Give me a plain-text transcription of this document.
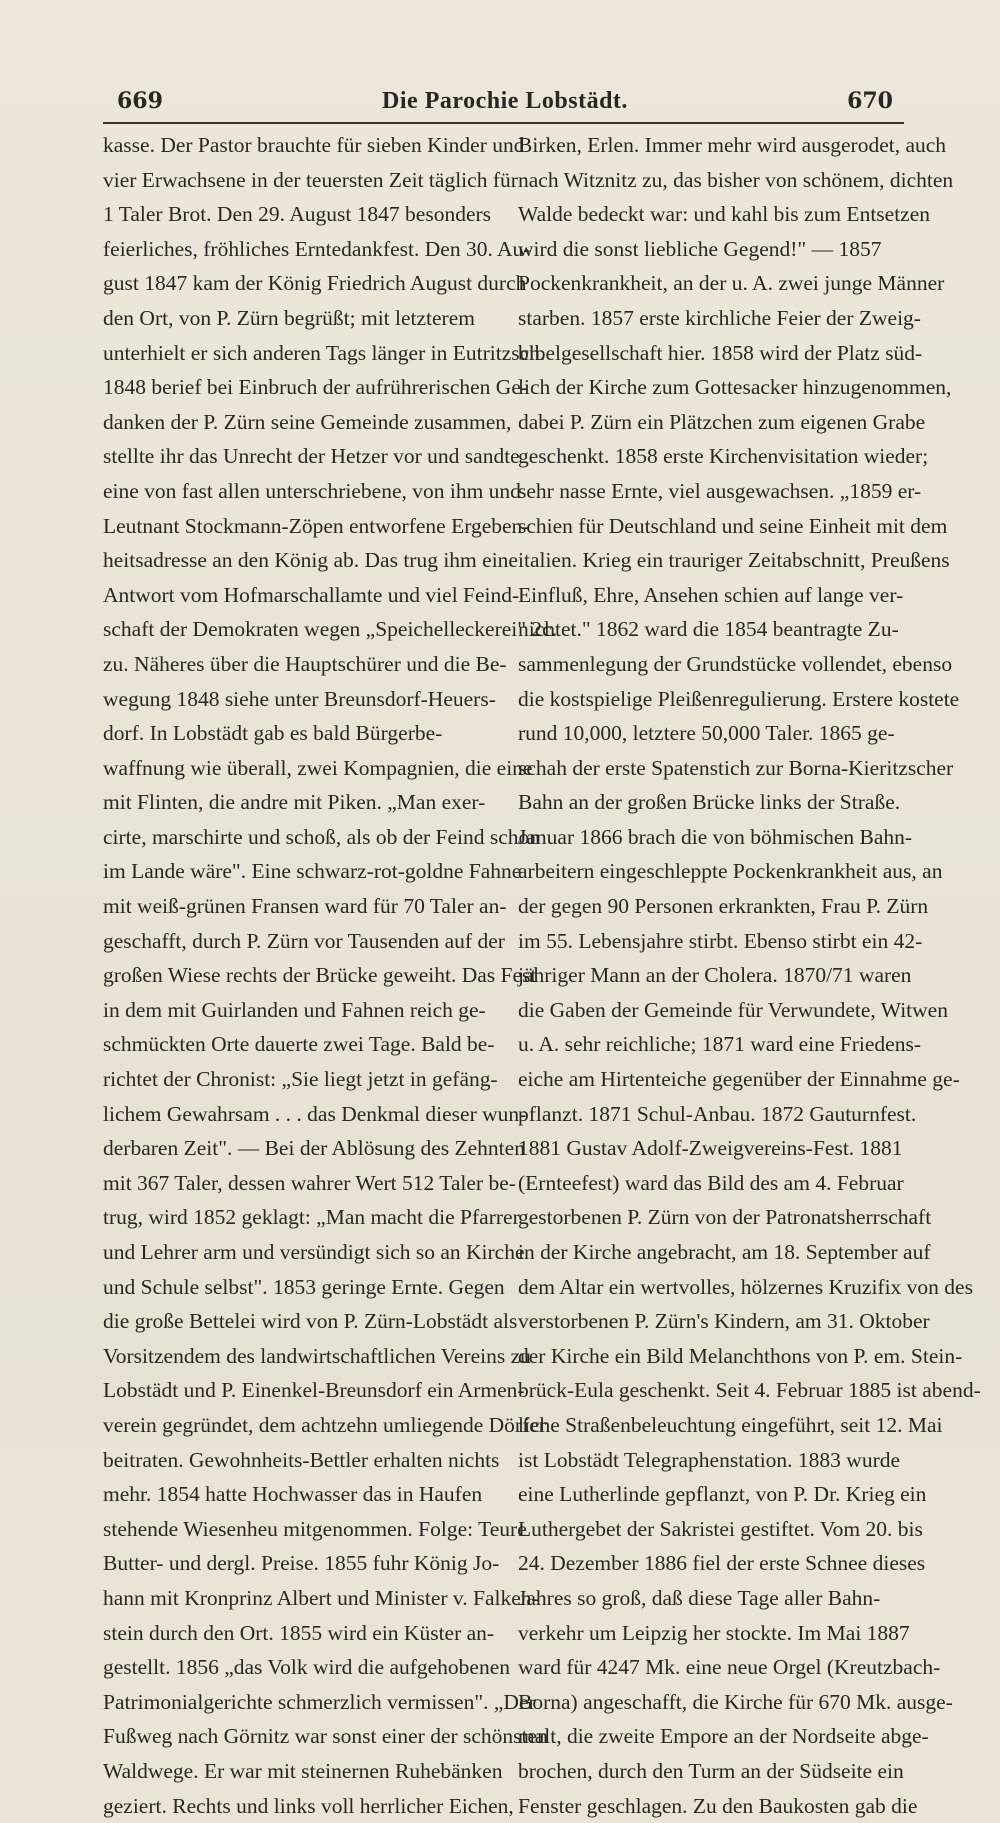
669	Die Parochie Lobstädt.	670
kasse. Der Pastor brauchte für sieben Kinder und
vier Erwachsene in der teuersten Zeit täglich für
1 Taler Brot. Den 29. August 1847 besonders
feierliches, fröhliches Erntedankfest. Den 30. Au-
gust 1847 kam der König Friedrich August durch
den Ort, von P. Zürn begrüßt; mit letzterem
unterhielt er sich anderen Tags länger in Eutritzsch.
1848 berief bei Einbruch der aufrührerischen Ge-
danken der P. Zürn seine Gemeinde zusammen,
stellte ihr das Unrecht der Hetzer vor und sandte
eine von fast allen unterschriebene, von ihm und
Leutnant Stockmann-Zöpen entworfene Ergeben-
heitsadresse an den König ab. Das trug ihm eine
Antwort vom Hofmarschallamte und viel Feind-
schaft der Demokraten wegen „Speichelleckerei" 2c.
zu. Näheres über die Hauptschürer und die Be-
wegung 1848 siehe unter Breunsdorf-Heuers-
dorf. In Lobstädt gab es bald Bürgerbe-
waffnung wie überall, zwei Kompagnien, die eine
mit Flinten, die andre mit Piken. „Man exer-
cirte, marschirte und schoß, als ob der Feind schon
im Lande wäre". Eine schwarz-rot-goldne Fahne
mit weiß-grünen Fransen ward für 70 Taler an-
geschafft, durch P. Zürn vor Tausenden auf der
großen Wiese rechts der Brücke geweiht. Das Fest
in dem mit Guirlanden und Fahnen reich ge-
schmückten Orte dauerte zwei Tage. Bald be-
richtet der Chronist: „Sie liegt jetzt in gefäng-
lichem Gewahrsam . . . das Denkmal dieser wun-
derbaren Zeit". — Bei der Ablösung des Zehnten
mit 367 Taler, dessen wahrer Wert 512 Taler be-
trug, wird 1852 geklagt: „Man macht die Pfarrer
und Lehrer arm und versündigt sich so an Kirche
und Schule selbst". 1853 geringe Ernte. Gegen
die große Bettelei wird von P. Zürn-Lobstädt als
Vorsitzendem des landwirtschaftlichen Vereins zu
Lobstädt und P. Einenkel-Breunsdorf ein Armen-
verein gegründet, dem achtzehn umliegende Dörfer
beitraten. Gewohnheits-Bettler erhalten nichts
mehr. 1854 hatte Hochwasser das in Haufen
stehende Wiesenheu mitgenommen. Folge: Teure
Butter- und dergl. Preise. 1855 fuhr König Jo-
hann mit Kronprinz Albert und Minister v. Falken-
stein durch den Ort. 1855 wird ein Küster an-
gestellt. 1856 „das Volk wird die aufgehobenen
Patrimonialgerichte schmerzlich vermissen". „Der
Fußweg nach Görnitz war sonst einer der schönsten
Waldwege. Er war mit steinernen Ruhebänken
geziert. Rechts und links voll herrlicher Eichen,
Birken, Erlen. Immer mehr wird ausgerodet, auch
nach Witznitz zu, das bisher von schönem, dichten
Walde bedeckt war: und kahl bis zum Entsetzen
wird die sonst liebliche Gegend!" — 1857
Pockenkrankheit, an der u. A. zwei junge Männer
starben. 1857 erste kirchliche Feier der Zweig-
bibelgesellschaft hier. 1858 wird der Platz süd-
lich der Kirche zum Gottesacker hinzugenommen,
dabei P. Zürn ein Plätzchen zum eigenen Grabe
geschenkt. 1858 erste Kirchenvisitation wieder;
sehr nasse Ernte, viel ausgewachsen. „1859 er-
schien für Deutschland und seine Einheit mit dem
italien. Krieg ein trauriger Zeitabschnitt, Preußens
Einfluß, Ehre, Ansehen schien auf lange ver-
nichtet." 1862 ward die 1854 beantragte Zu-
sammenlegung der Grundstücke vollendet, ebenso
die kostspielige Pleißenregulierung. Erstere kostete
rund 10,000, letztere 50,000 Taler. 1865 ge-
schah der erste Spatenstich zur Borna-Kieritzscher
Bahn an der großen Brücke links der Straße.
Januar 1866 brach die von böhmischen Bahn-
arbeitern eingeschleppte Pockenkrankheit aus, an
der gegen 90 Personen erkrankten, Frau P. Zürn
im 55. Lebensjahre stirbt. Ebenso stirbt ein 42-
jähriger Mann an der Cholera. 1870/71 waren
die Gaben der Gemeinde für Verwundete, Witwen
u. A. sehr reichliche; 1871 ward eine Friedens-
eiche am Hirtenteiche gegenüber der Einnahme ge-
pflanzt. 1871 Schul-Anbau. 1872 Gauturnfest.
1881 Gustav Adolf-Zweigvereins-Fest. 1881
(Ernteefest) ward das Bild des am 4. Februar
gestorbenen P. Zürn von der Patronatsherrschaft
in der Kirche angebracht, am 18. September auf
dem Altar ein wertvolles, hölzernes Kruzifix von des
verstorbenen P. Zürn's Kindern, am 31. Oktober
der Kirche ein Bild Melanchthons von P. em. Stein-
brück-Eula geschenkt. Seit 4. Februar 1885 ist abend-
liche Straßenbeleuchtung eingeführt, seit 12. Mai
ist Lobstädt Telegraphenstation. 1883 wurde
eine Lutherlinde gepflanzt, von P. Dr. Krieg ein
Luthergebet der Sakristei gestiftet. Vom 20. bis
24. Dezember 1886 fiel der erste Schnee dieses
Jahres so groß, daß diese Tage aller Bahn-
verkehr um Leipzig her stockte. Im Mai 1887
ward für 4247 Mk. eine neue Orgel (Kreutzbach-
Borna) angeschafft, die Kirche für 670 Mk. ausge-
malt, die zweite Empore an der Nordseite abge-
brochen, durch den Turm an der Südseite ein
Fenster geschlagen. Zu den Baukosten gab die
